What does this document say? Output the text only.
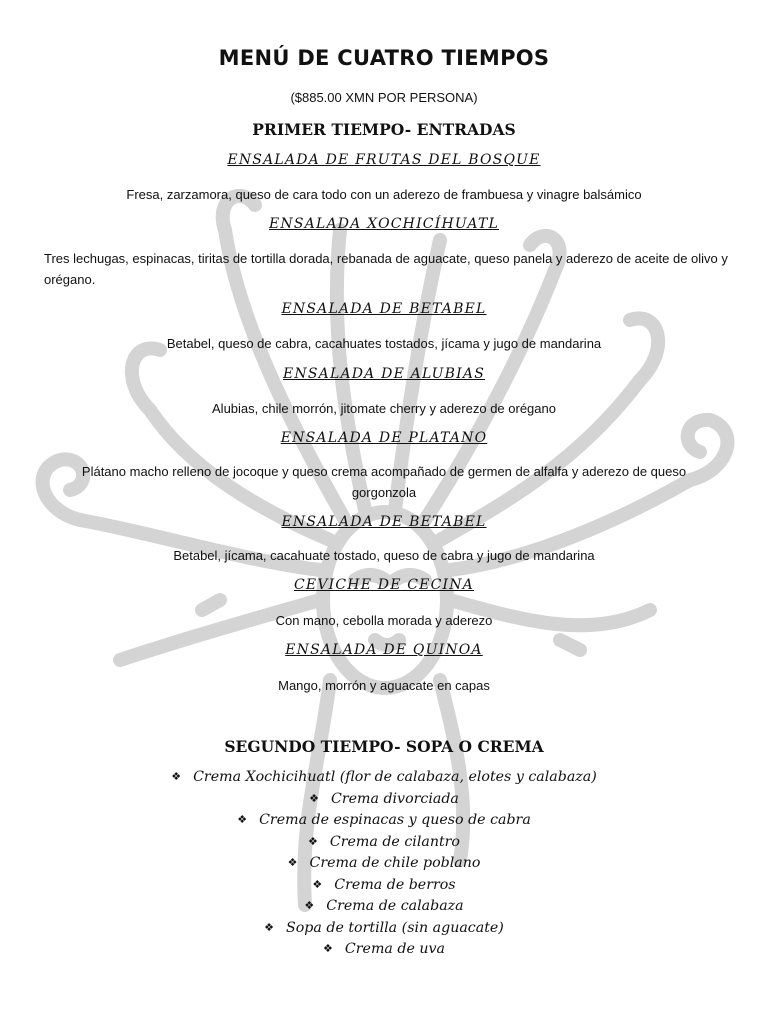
MENÚ DE CUATRO TIEMPOS
($885.00 XMN POR PERSONA)
PRIMER TIEMPO- ENTRADAS
ENSALADA DE FRUTAS DEL BOSQUE
Fresa, zarzamora, queso de cara todo con un aderezo de frambuesa y vinagre balsámico
ENSALADA XOCHICÍHUATL
Tres lechugas, espinacas, tiritas de tortilla dorada, rebanada de aguacate, queso panela y aderezo de aceite de olivo y orégano.
ENSALADA DE BETABEL
Betabel, queso de cabra, cacahuates tostados, jícama y jugo de mandarina
ENSALADA DE ALUBIAS
Alubias, chile morrón, jitomate cherry y aderezo de orégano
ENSALADA DE PLATANO
Plátano macho relleno de jocoque y queso crema acompañado de germen de alfalfa y aderezo de queso gorgonzola
ENSALADA DE BETABEL
Betabel, jícama, cacahuate tostado, queso de cabra y jugo de mandarina
CEVICHE DE CECINA
Con mano, cebolla morada y aderezo
ENSALADA DE QUINOA
Mango, morrón y aguacate en capas
SEGUNDO TIEMPO- SOPA O CREMA
❖ Crema Xochicihuatl (flor de calabaza, elotes y calabaza)
❖ Crema divorciada
❖ Crema de espinacas y queso de cabra
❖ Crema de cilantro
❖ Crema de chile poblano
❖ Crema de berros
❖ Crema de calabaza
❖ Sopa de tortilla (sin aguacate)
❖ Crema de uva
